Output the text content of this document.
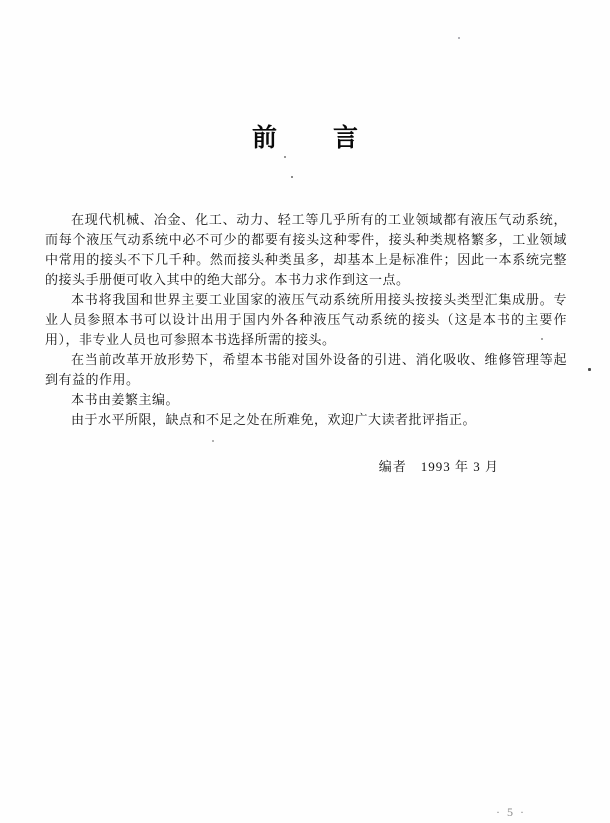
前　　言

在现代机械、冶金、化工、动力、轻工等几乎所有的工业领域都有液压气动系统，而每个液压气动系统中必不可少的都要有接头这种零件，接头种类规格繁多，工业领域中常用的接头不下几千种。然而接头种类虽多，却基本上是标准件；因此一本系统完整的接头手册便可收入其中的绝大部分。本书力求作到这一点。

本书将我国和世界主要工业国家的液压气动系统所用接头按接头类型汇集成册。专业人员参照本书可以设计出用于国内外各种液压气动系统的接头（这是本书的主要作用），非专业人员也可参照本书选择所需的接头。

在当前改革开放形势下，希望本书能对国外设备的引进、消化吸收、维修管理等起到有益的作用。

本书由姜繁主编。

由于水平所限，缺点和不足之处在所难免，欢迎广大读者批评指正。

编者　1993 年 3 月
· 5 ·
